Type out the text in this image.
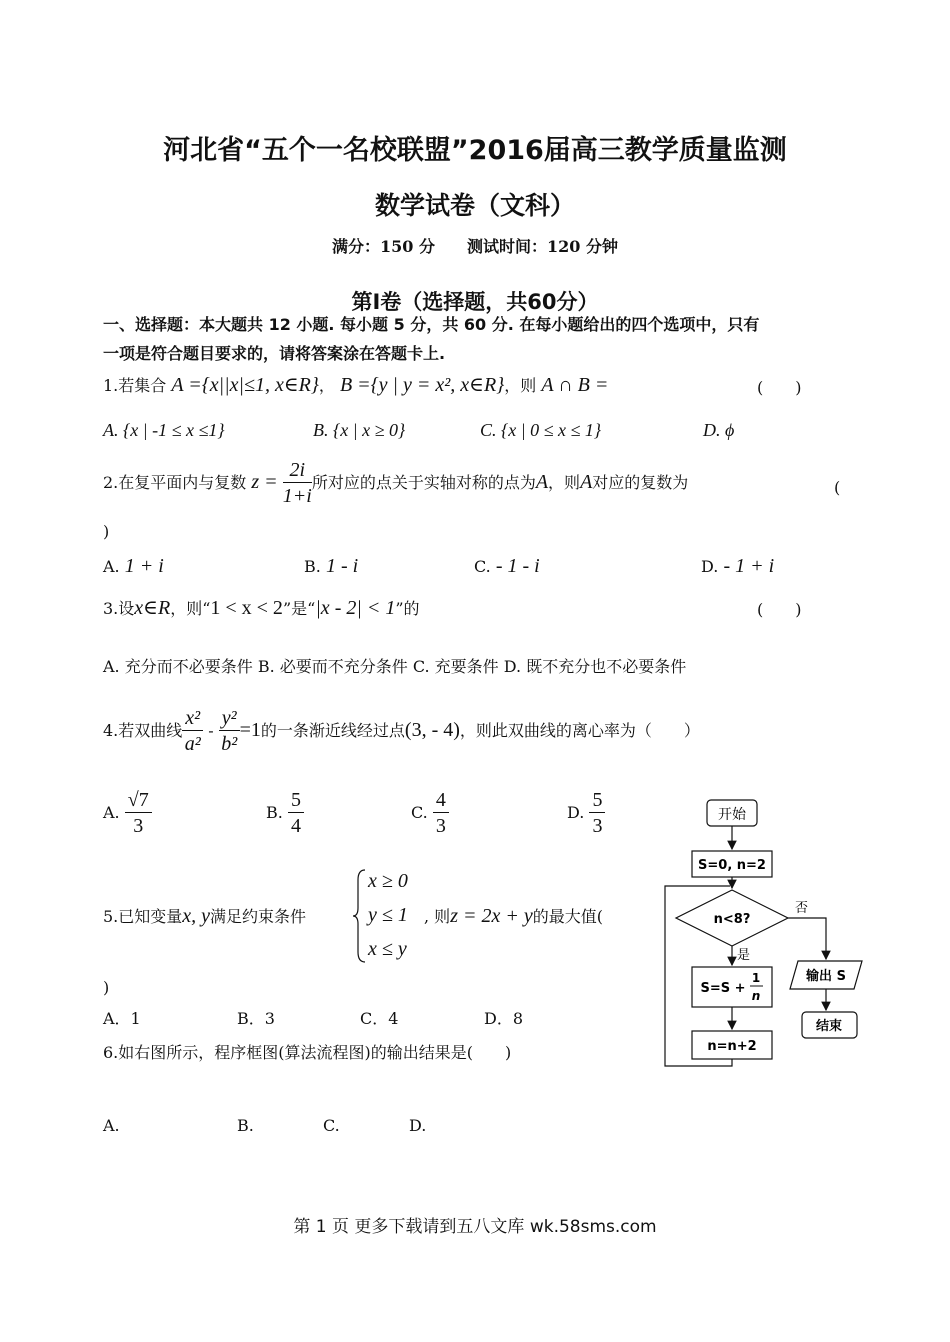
河北省“五个一名校联盟”2016届高三教学质量监测
数学试卷（文科）
满分：150 分　　测试时间：120 分钟
第Ⅰ卷（选择题，共60分）
一、选择题：本大题共 12 小题. 每小题 5 分，共 60 分. 在每小题给出的四个选项中，只有
一项是符合题目要求的，请将答案涂在答题卡上.
1.若集合 A ={x||x|≤1, x∈R}， B ={y | y = x², x∈R}，则 A ∩ B =	(　　)
A. {x | -1 ≤ x ≤1}	B. {x | x ≥ 0}	C. {x | 0 ≤ x ≤ 1}	D. ϕ
2.在复平面内与复数 $z = \frac{2i}{1+i}$ 所对应的点关于实轴对称的点为A，则A对应的复数为	(
)
A. 1 + i	B. 1 - i	C. - 1 - i	D. - 1 + i
3.设x∈R，则“1 < x < 2”是“|x - 2| < 1”的	(　　)
A. 充分而不必要条件 B. 必要而不充分条件 C. 充要条件 D. 既不充分也不必要条件
4.若双曲线 $\frac{\text{x²}}{\text{a²}} - \frac{\text{y²}}{\text{b²}} =1$的一条渐近线经过点(3, - 4)，则此双曲线的离心率为（　　）
A. $\frac{√7}{3}$	B. $\frac{5}{4}$	C. $\frac{4}{3}$	D. $\frac{5}{3}$
5.已知变量x, y满足约束条件
x ≥ 0
y ≤ 1
x ≤ y
, 则z = 2x + y的最大值(
)
A．1	B．3	C．4	D．8
6.如右图所示，程序框图(算法流程图)的输出结果是(　　)
A.	B.	C.	D.
开始
S=0, n=2
n<8?
否
是
S=S +
1
n
n=n+2
输出 S
结束
第 1 页 更多下载请到五八文库 wk.58sms.com
